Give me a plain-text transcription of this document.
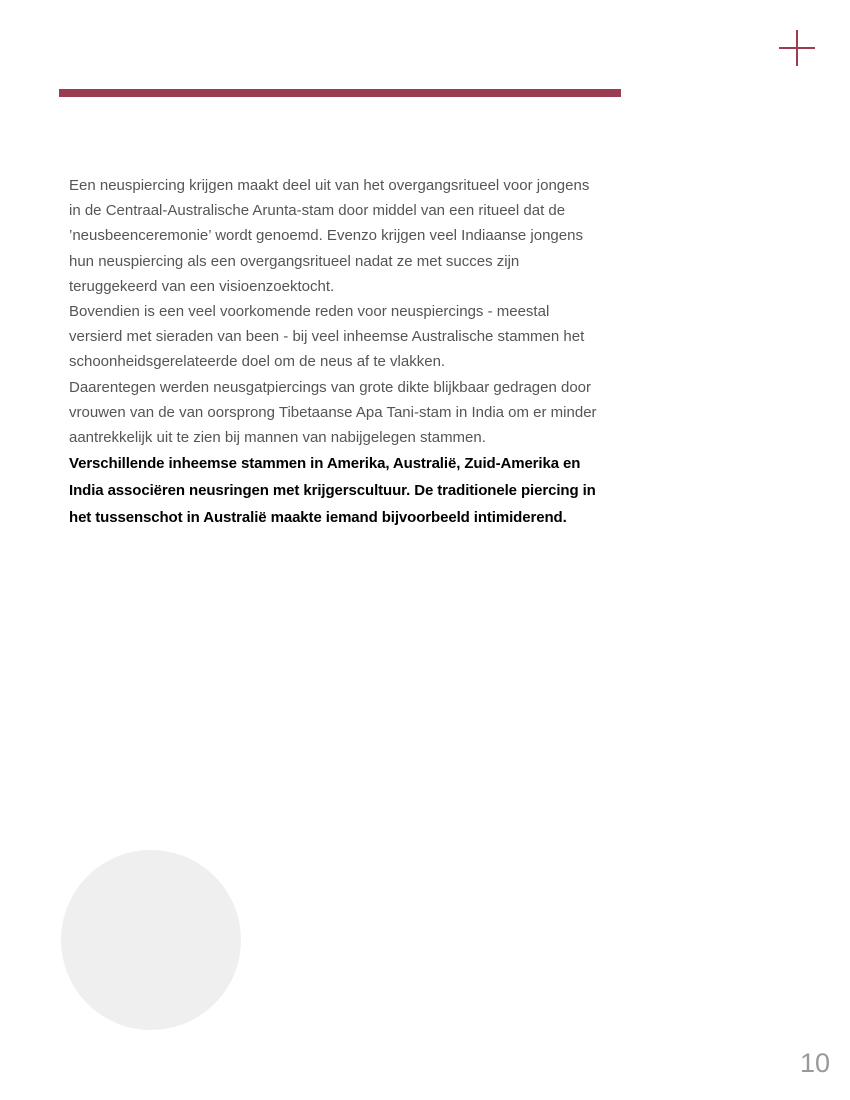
Een neuspiercing krijgen maakt deel uit van het overgangsritueel voor jongens in de Centraal-Australische Arunta-stam door middel van een ritueel dat de ’neusbeenceremonie’ wordt genoemd. Evenzo krijgen veel Indiaanse jongens hun neuspiercing als een overgangsritueel nadat ze met succes zijn teruggekeerd van een visioenzoektocht.

Bovendien is een veel voorkomende reden voor neuspiercings - meestal versierd met sieraden van been - bij veel inheemse Australische stammen het schoonheidsgerelateerde doel om de neus af te vlakken.

Daarentegen werden neusgatpiercings van grote dikte blijkbaar gedragen door vrouwen van de van oorsprong Tibetaanse Apa Tani-stam in India om er minder aantrekkelijk uit te zien bij mannen van nabijgelegen stammen.

Verschillende inheemse stammen in Amerika, Australië, Zuid-Amerika en India associëren neusringen met krijgerscultuur. De traditionele piercing in het tussenschot in Australië maakte iemand bijvoorbeeld intimiderend.

10
